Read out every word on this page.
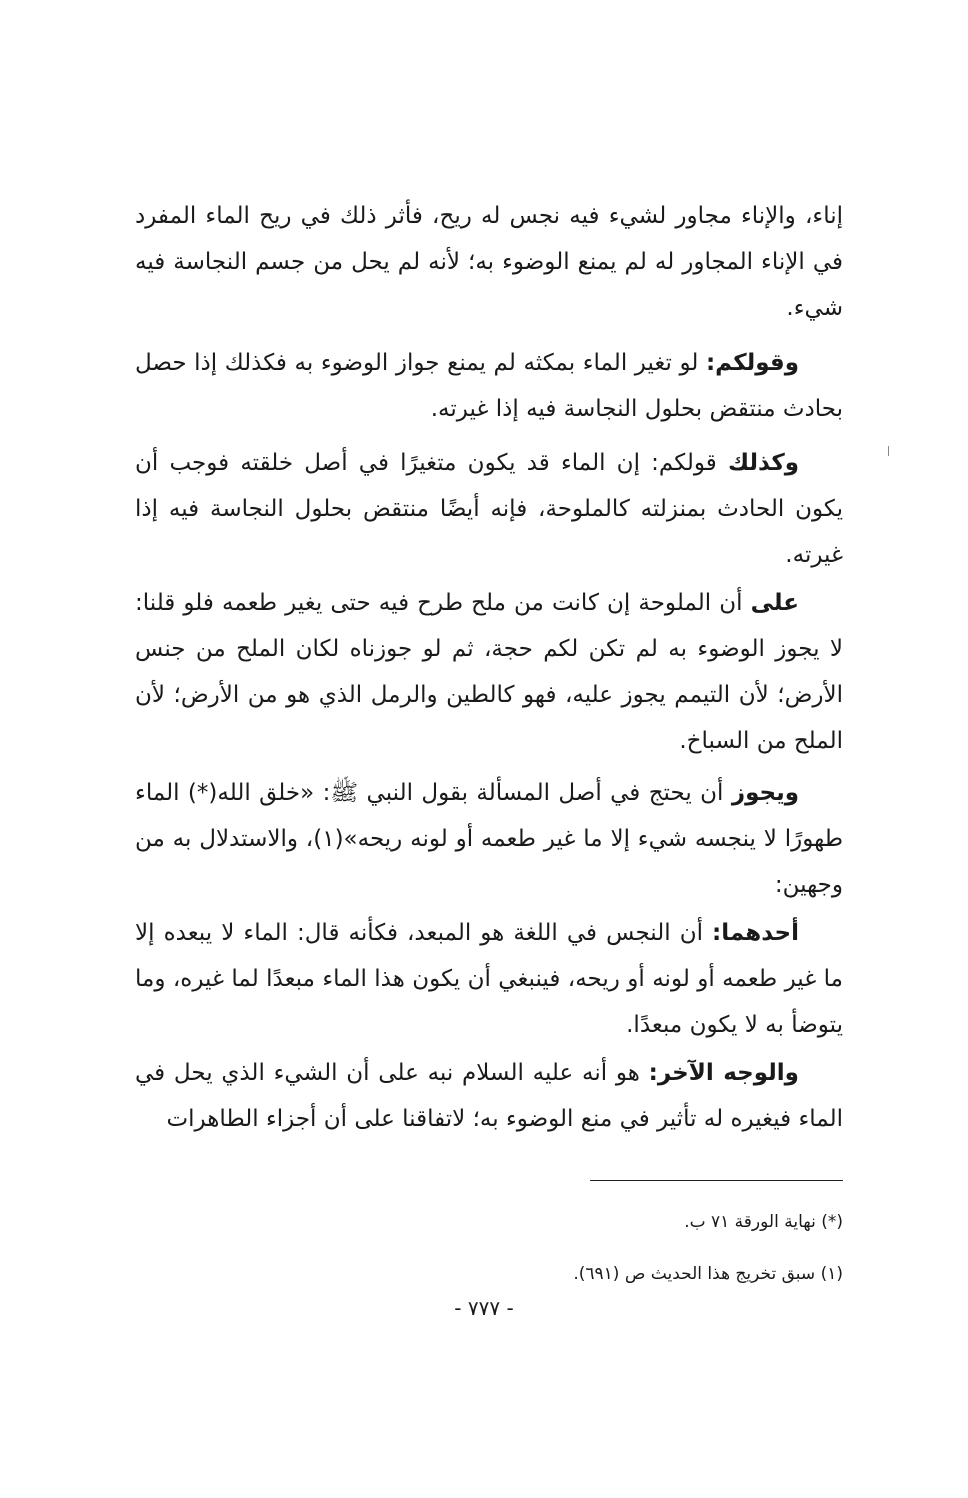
إناء، والإناء مجاور لشيء فيه نجس له ريح، فأثر ذلك في ريح الماء المفرد في الإناء المجاور له لم يمنع الوضوء به؛ لأنه لم يحل من جسم النجاسة فيه شيء.

وقولكم: لو تغير الماء بمكثه لم يمنع جواز الوضوء به فكذلك إذا حصل بحادث منتقض بحلول النجاسة فيه إذا غيرته.

وكذلك قولكم: إن الماء قد يكون متغيرًا في أصل خلقته فوجب أن يكون الحادث بمنزلته كالملوحة، فإنه أيضًا منتقض بحلول النجاسة فيه إذا غيرته.

على أن الملوحة إن كانت من ملح طرح فيه حتى يغير طعمه فلو قلنا: لا يجوز الوضوء به لم تكن لكم حجة، ثم لو جوزناه لكان الملح من جنس الأرض؛ لأن التيمم يجوز عليه، فهو كالطين والرمل الذي هو من الأرض؛ لأن الملح من السباخ.

ويجوز أن يحتج في أصل المسألة بقول النبي ﷺ: «خلق الله(*) الماء طهورًا لا ينجسه شيء إلا ما غير طعمه أو لونه ريحه»(١)، والاستدلال به من وجهين:

أحدهما: أن النجس في اللغة هو المبعد، فكأنه قال: الماء لا يبعده إلا ما غير طعمه أو لونه أو ريحه، فينبغي أن يكون هذا الماء مبعدًا لما غيره، وما يتوضأ به لا يكون مبعدًا.

والوجه الآخر: هو أنه عليه السلام نبه على أن الشيء الذي يحل في الماء فيغيره له تأثير في منع الوضوء به؛ لاتفاقنا على أن أجزاء الطاهرات

(*) نهاية الورقة ٧١ ب.
(١) سبق تخريج هذا الحديث ص (٦٩١).
- ٧٧٧ -
